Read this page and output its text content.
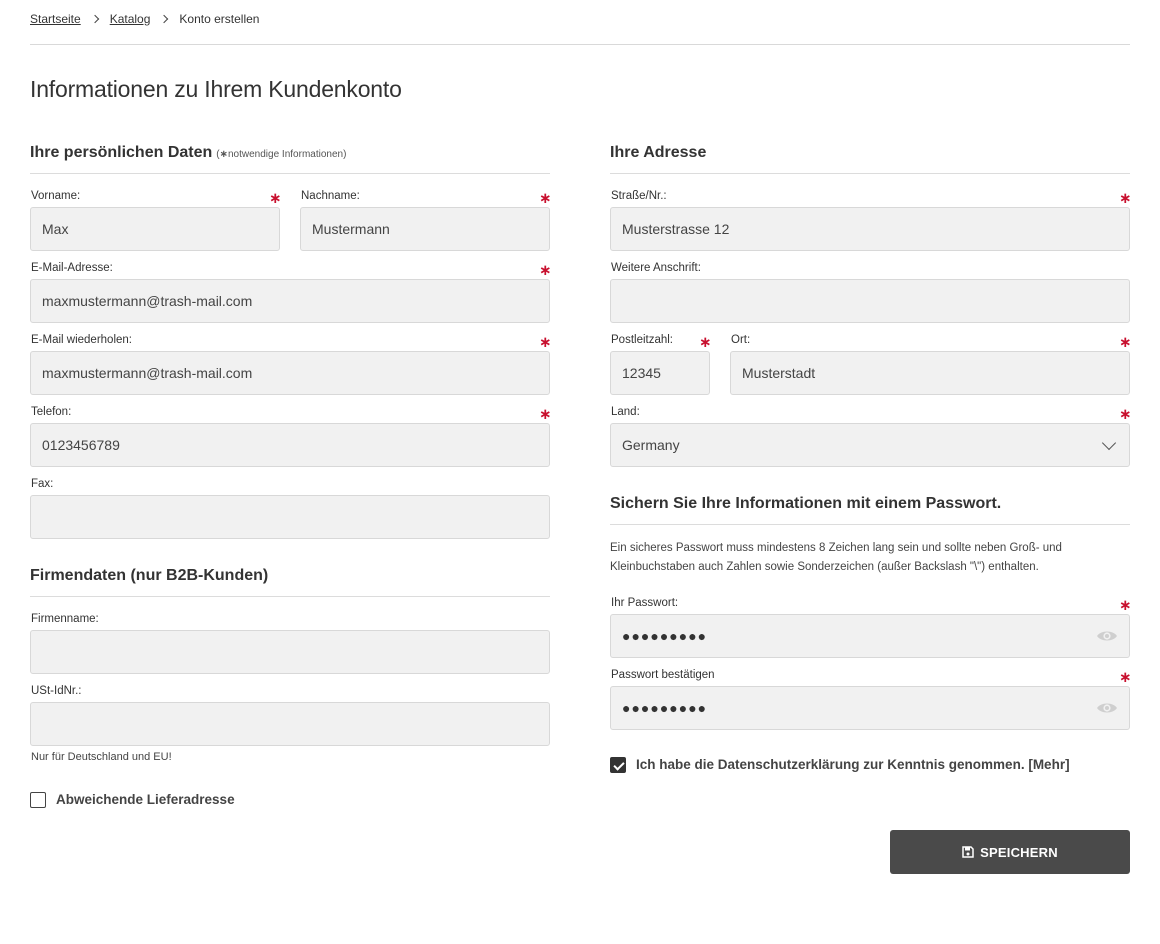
Startseite Katalog Konto erstellen
Informationen zu Ihrem Kundenkonto
Ihre persönlichen Daten (∗notwendige Informationen)
Vorname:	∗
Max
Nachname:	∗
Mustermann
E-Mail-Adresse:	∗
maxmustermann@trash-mail.com
E-Mail wiederholen:	∗
maxmustermann@trash-mail.com
Telefon:	∗
0123456789
Fax:
Firmendaten (nur B2B-Kunden)
Firmenname:
USt-IdNr.:
Nur für Deutschland und EU!
Abweichende Lieferadresse
Ihre Adresse
Straße/Nr.:	∗
Musterstrasse 12
Weitere Anschrift:
Postleitzahl: ∗
12345
Ort:	∗
Musterstadt
Land:	∗
Germany
Sichern Sie Ihre Informationen mit einem Passwort.
Ein sicheres Passwort muss mindestens 8 Zeichen lang sein und sollte neben Groß- und Kleinbuchstaben auch Zahlen sowie Sonderzeichen (außer Backslash "\") enthalten.
Ihr Passwort:	∗
●●●●●●●●●
Passwort bestätigen	∗
●●●●●●●●●
Ich habe die Datenschutzerklärung zur Kenntnis genommen. [Mehr]
SPEICHERN
